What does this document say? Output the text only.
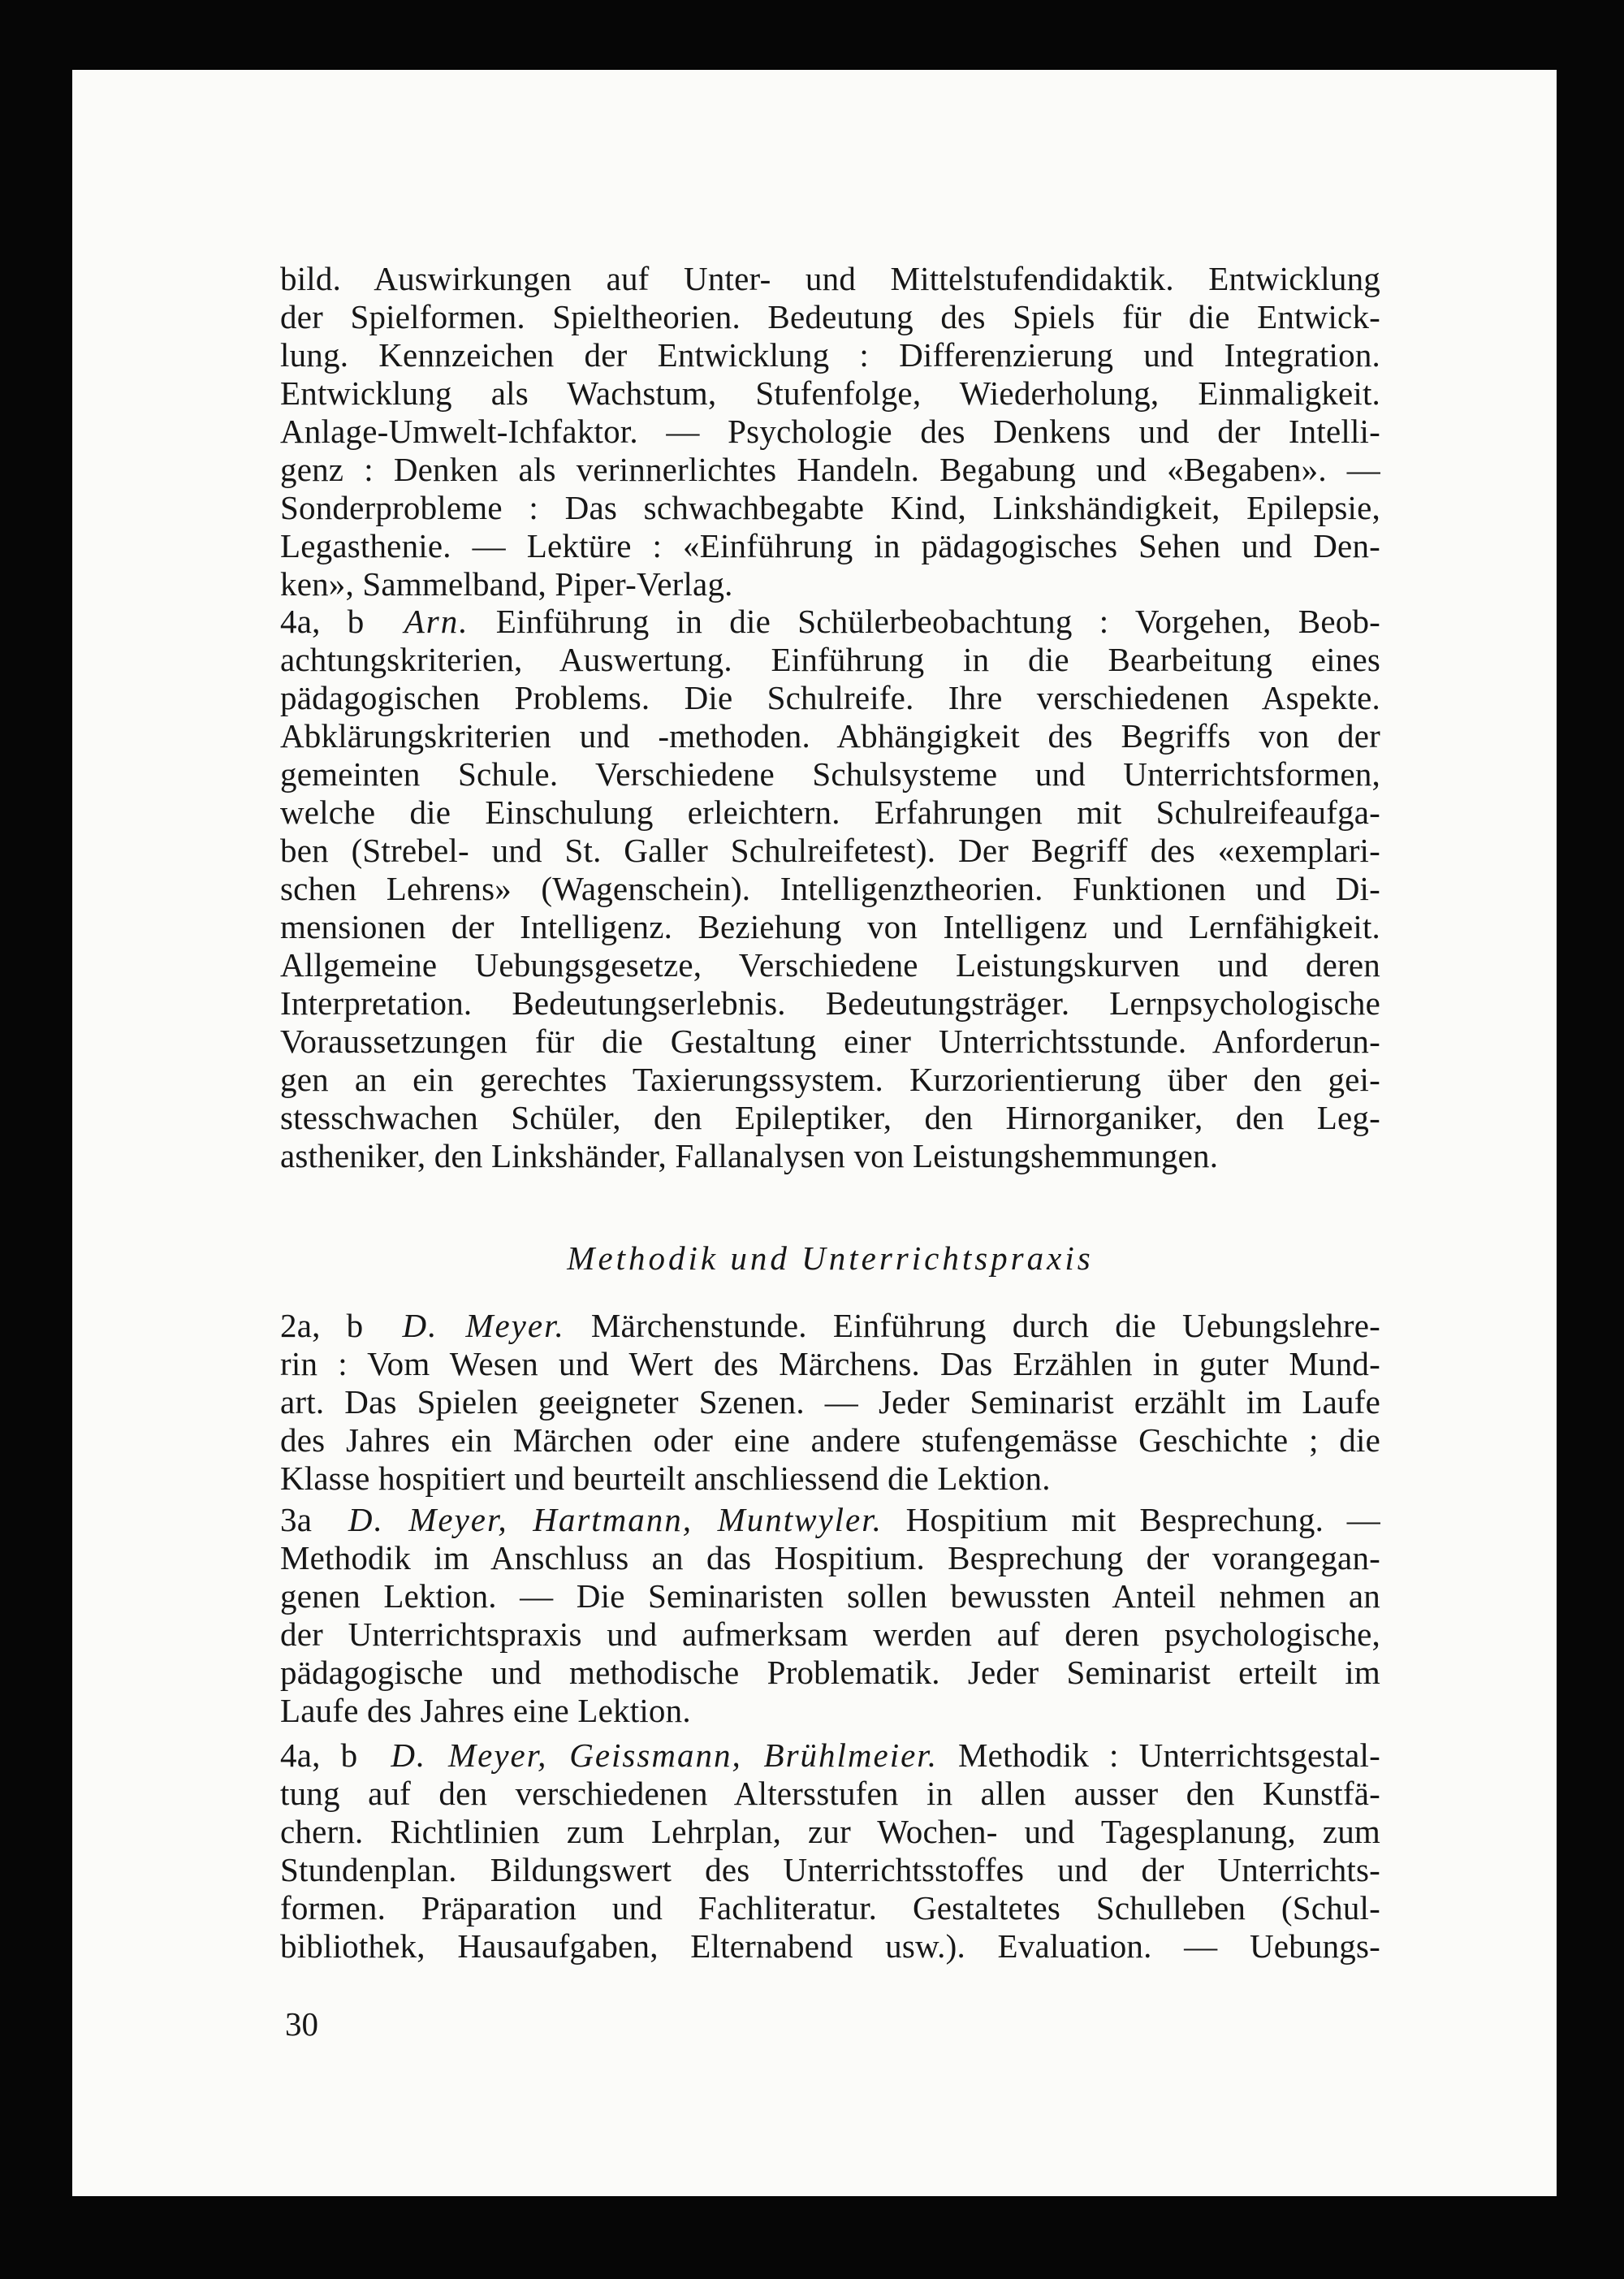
bild. Auswirkungen auf Unter- und Mittelstufendidaktik. Entwicklung
der Spielformen. Spieltheorien. Bedeutung des Spiels für die Entwick-
lung. Kennzeichen der Entwicklung : Differenzierung und Integration.
Entwicklung als Wachstum, Stufenfolge, Wiederholung, Einmaligkeit.
Anlage-Umwelt-Ichfaktor. — Psychologie des Denkens und der Intelli-
genz : Denken als verinnerlichtes Handeln. Begabung und «Begaben». —
Sonderprobleme : Das schwachbegabte Kind, Linkshändigkeit, Epilepsie,
Legasthenie. — Lektüre : «Einführung in pädagogisches Sehen und Den-
ken», Sammelband, Piper-Verlag.
4a, b Arn. Einführung in die Schülerbeobachtung : Vorgehen, Beob-
achtungskriterien, Auswertung. Einführung in die Bearbeitung eines
pädagogischen Problems. Die Schulreife. Ihre verschiedenen Aspekte.
Abklärungskriterien und -methoden. Abhängigkeit des Begriffs von der
gemeinten Schule. Verschiedene Schulsysteme und Unterrichtsformen,
welche die Einschulung erleichtern. Erfahrungen mit Schulreifeaufga-
ben (Strebel- und St. Galler Schulreifetest). Der Begriff des «exemplari-
schen Lehrens» (Wagenschein). Intelligenztheorien. Funktionen und Di-
mensionen der Intelligenz. Beziehung von Intelligenz und Lernfähigkeit.
Allgemeine Uebungsgesetze, Verschiedene Leistungskurven und deren
Interpretation. Bedeutungserlebnis. Bedeutungsträger. Lernpsychologische
Voraussetzungen für die Gestaltung einer Unterrichtsstunde. Anforderun-
gen an ein gerechtes Taxierungssystem. Kurzorientierung über den gei-
stesschwachen Schüler, den Epileptiker, den Hirnorganiker, den Leg-
astheniker, den Linkshänder, Fallanalysen von Leistungshemmungen.
Methodik und Unterrichtspraxis
2a, b D. Meyer. Märchenstunde. Einführung durch die Uebungslehre-
rin : Vom Wesen und Wert des Märchens. Das Erzählen in guter Mund-
art. Das Spielen geeigneter Szenen. — Jeder Seminarist erzählt im Laufe
des Jahres ein Märchen oder eine andere stufengemässe Geschichte ; die
Klasse hospitiert und beurteilt anschliessend die Lektion.
3a D. Meyer, Hartmann, Muntwyler. Hospitium mit Besprechung. —
Methodik im Anschluss an das Hospitium. Besprechung der vorangegan-
genen Lektion. — Die Seminaristen sollen bewussten Anteil nehmen an
der Unterrichtspraxis und aufmerksam werden auf deren psychologische,
pädagogische und methodische Problematik. Jeder Seminarist erteilt im
Laufe des Jahres eine Lektion.
4a, b D. Meyer, Geissmann, Brühlmeier. Methodik : Unterrichtsgestal-
tung auf den verschiedenen Altersstufen in allen ausser den Kunstfä-
chern. Richtlinien zum Lehrplan, zur Wochen- und Tagesplanung, zum
Stundenplan. Bildungswert des Unterrichtsstoffes und der Unterrichts-
formen. Präparation und Fachliteratur. Gestaltetes Schulleben (Schul-
bibliothek, Hausaufgaben, Elternabend usw.). Evaluation. — Uebungs-
30
